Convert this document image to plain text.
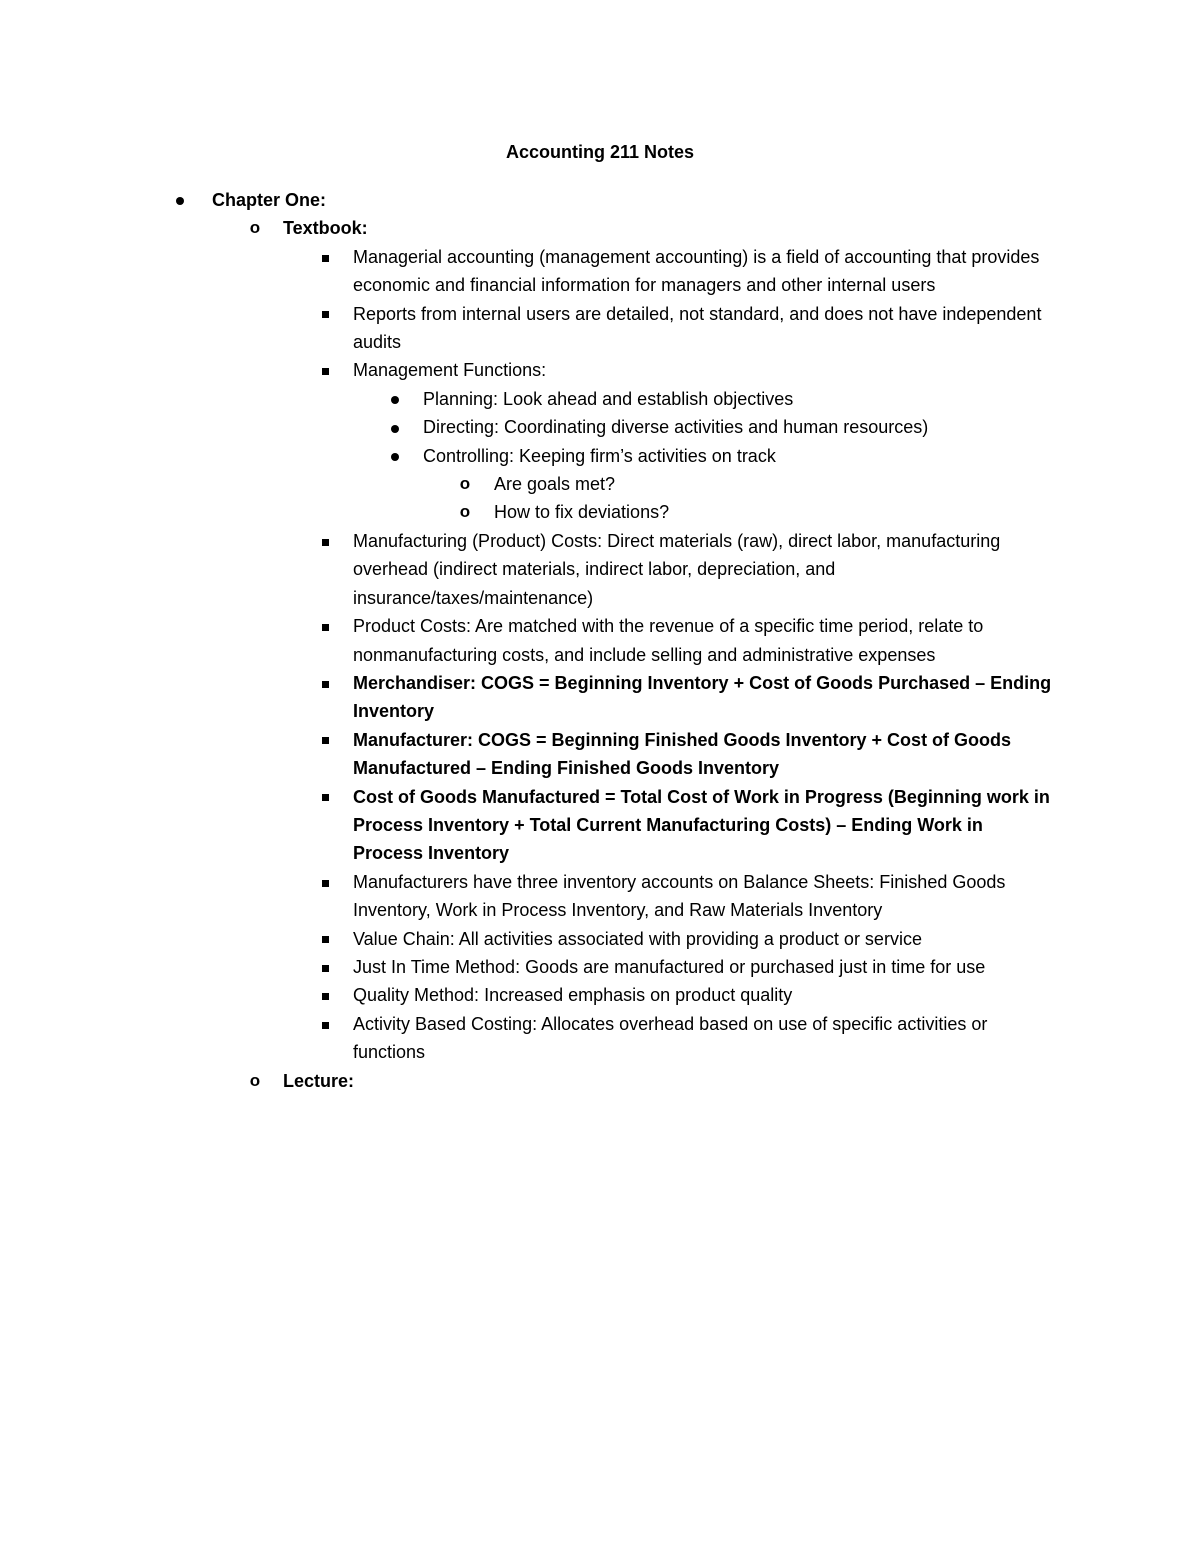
Accounting 211 Notes
Chapter One:
o Textbook:
Managerial accounting (management accounting) is a field of accounting that provides economic and financial information for managers and other internal users
Reports from internal users are detailed, not standard, and does not have independent audits
Management Functions:
Planning: Look ahead and establish objectives
Directing: Coordinating diverse activities and human resources)
Controlling: Keeping firm’s activities on track
o Are goals met?
o How to fix deviations?
Manufacturing (Product) Costs: Direct materials (raw), direct labor, manufacturing overhead (indirect materials, indirect labor, depreciation, and insurance/taxes/maintenance)
Product Costs: Are matched with the revenue of a specific time period, relate to nonmanufacturing costs, and include selling and administrative expenses
Merchandiser: COGS = Beginning Inventory + Cost of Goods Purchased – Ending Inventory
Manufacturer: COGS = Beginning Finished Goods Inventory + Cost of Goods Manufactured – Ending Finished Goods Inventory
Cost of Goods Manufactured = Total Cost of Work in Progress (Beginning work in Process Inventory + Total Current Manufacturing Costs) – Ending Work in Process Inventory
Manufacturers have three inventory accounts on Balance Sheets: Finished Goods Inventory, Work in Process Inventory, and Raw Materials Inventory
Value Chain: All activities associated with providing a product or service
Just In Time Method: Goods are manufactured or purchased just in time for use
Quality Method: Increased emphasis on product quality
Activity Based Costing: Allocates overhead based on use of specific activities or functions
o Lecture:
